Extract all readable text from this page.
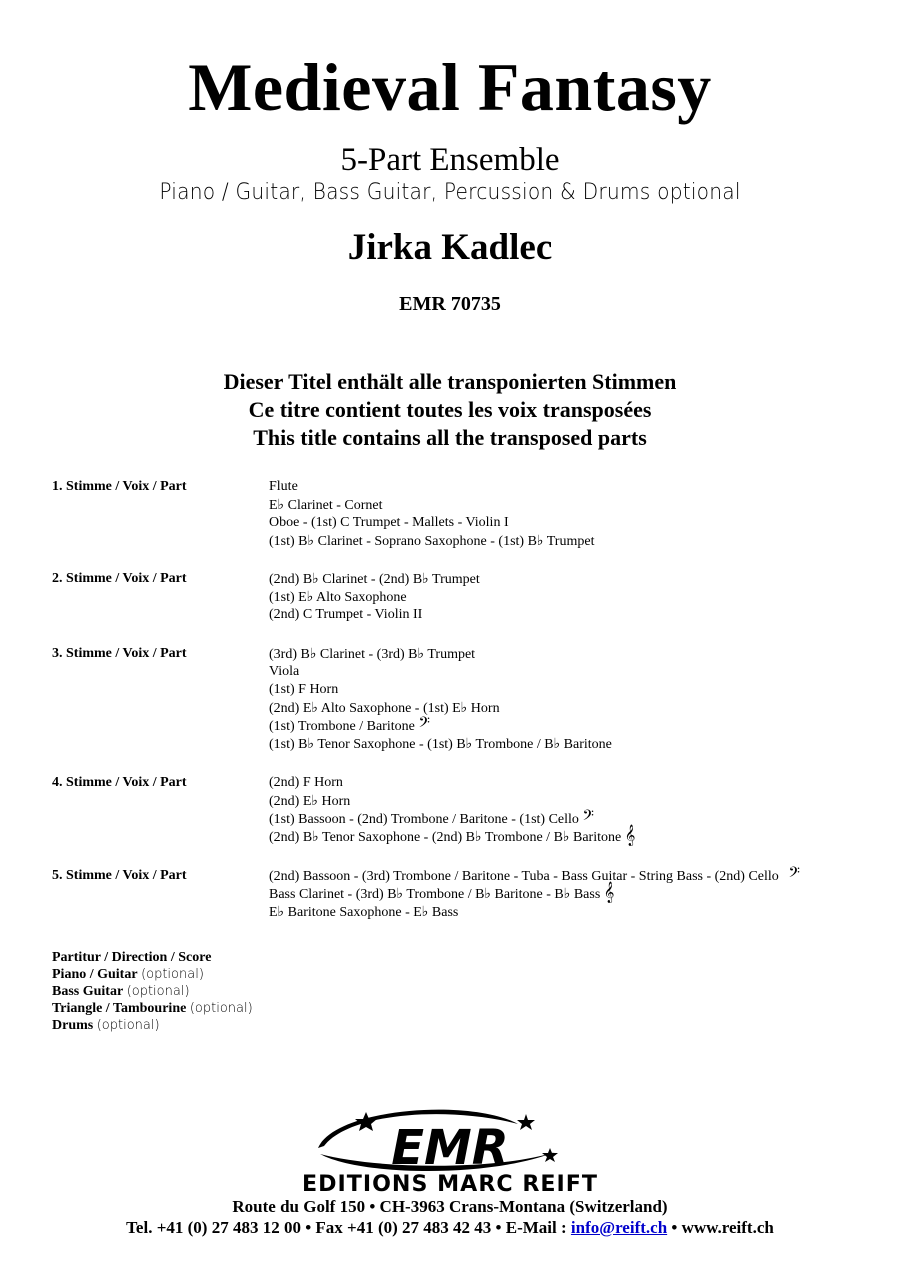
Medieval Fantasy
5-Part Ensemble
Piano / Guitar, Bass Guitar, Percussion & Drums optional
Jirka Kadlec
EMR 70735
Dieser Titel enthält alle transponierten Stimmen
Ce titre contient toutes les voix transposées
This title contains all the transposed parts
1. Stimme / Voix / Part	Flute
E♭ Clarinet - Cornet
Oboe - (1st) C Trumpet - Mallets - Violin I
(1st) B♭ Clarinet - Soprano Saxophone - (1st) B♭ Trumpet
2. Stimme / Voix / Part	(2nd) B♭ Clarinet - (2nd) B♭ Trumpet
(1st) E♭ Alto Saxophone
(2nd) C Trumpet - Violin II
3. Stimme / Voix / Part	(3rd) B♭ Clarinet - (3rd) B♭ Trumpet
Viola
(1st) F Horn
(2nd) E♭ Alto Saxophone - (1st) E♭ Horn
(1st) Trombone / Baritone 𝄢
(1st) B♭ Tenor Saxophone - (1st) B♭ Trombone / B♭ Baritone
4. Stimme / Voix / Part	(2nd) F Horn
(2nd) E♭ Horn
(1st) Bassoon - (2nd) Trombone / Baritone - (1st) Cello 𝄢
(2nd) B♭ Tenor Saxophone - (2nd) B♭ Trombone / B♭ Baritone 𝄞
5. Stimme / Voix / Part	(2nd) Bassoon - (3rd) Trombone / Baritone - Tuba - Bass Guitar - String Bass - (2nd) Cello 𝄢
Bass Clarinet - (3rd) B♭ Trombone / B♭ Baritone - B♭ Bass 𝄞
E♭ Baritone Saxophone - E♭ Bass
Partitur / Direction / Score
Piano / Guitar (optional)
Bass Guitar (optional)
Triangle / Tambourine (optional)
Drums (optional)
EMR
EDITIONS MARC REIFT
Route du Golf 150 • CH-3963 Crans-Montana (Switzerland)
Tel. +41 (0) 27 483 12 00 • Fax +41 (0) 27 483 42 43 • E-Mail : info@reift.ch • www.reift.ch
